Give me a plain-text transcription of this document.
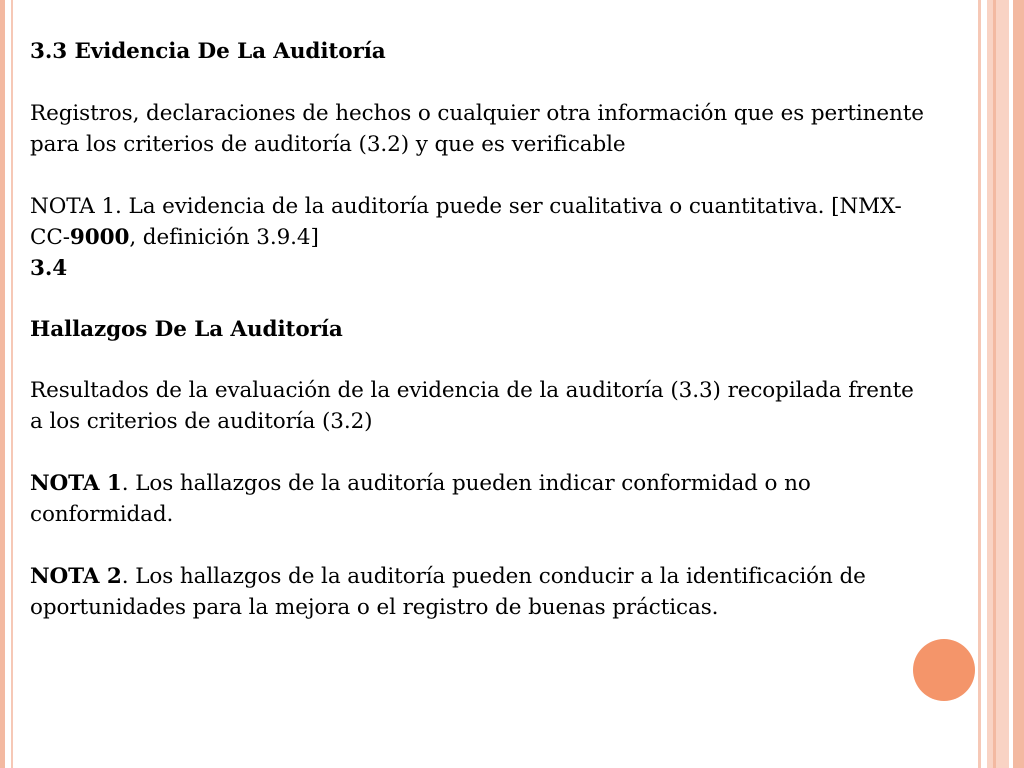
3.3 Evidencia De La Auditoría
Registros, declaraciones de hechos o cualquier otra información que es pertinente
para los criterios de auditoría (3.2) y que es verificable
NOTA 1. La evidencia de la auditoría puede ser cualitativa o cuantitativa. [NMX-
CC-9000, definición 3.9.4]
3.4
Hallazgos De La Auditoría
Resultados de la evaluación de la evidencia de la auditoría (3.3) recopilada frente
a los criterios de auditoría (3.2)
NOTA 1. Los hallazgos de la auditoría pueden indicar conformidad o no
conformidad.
NOTA 2. Los hallazgos de la auditoría pueden conducir a la identificación de
oportunidades para la mejora o el registro de buenas prácticas.
